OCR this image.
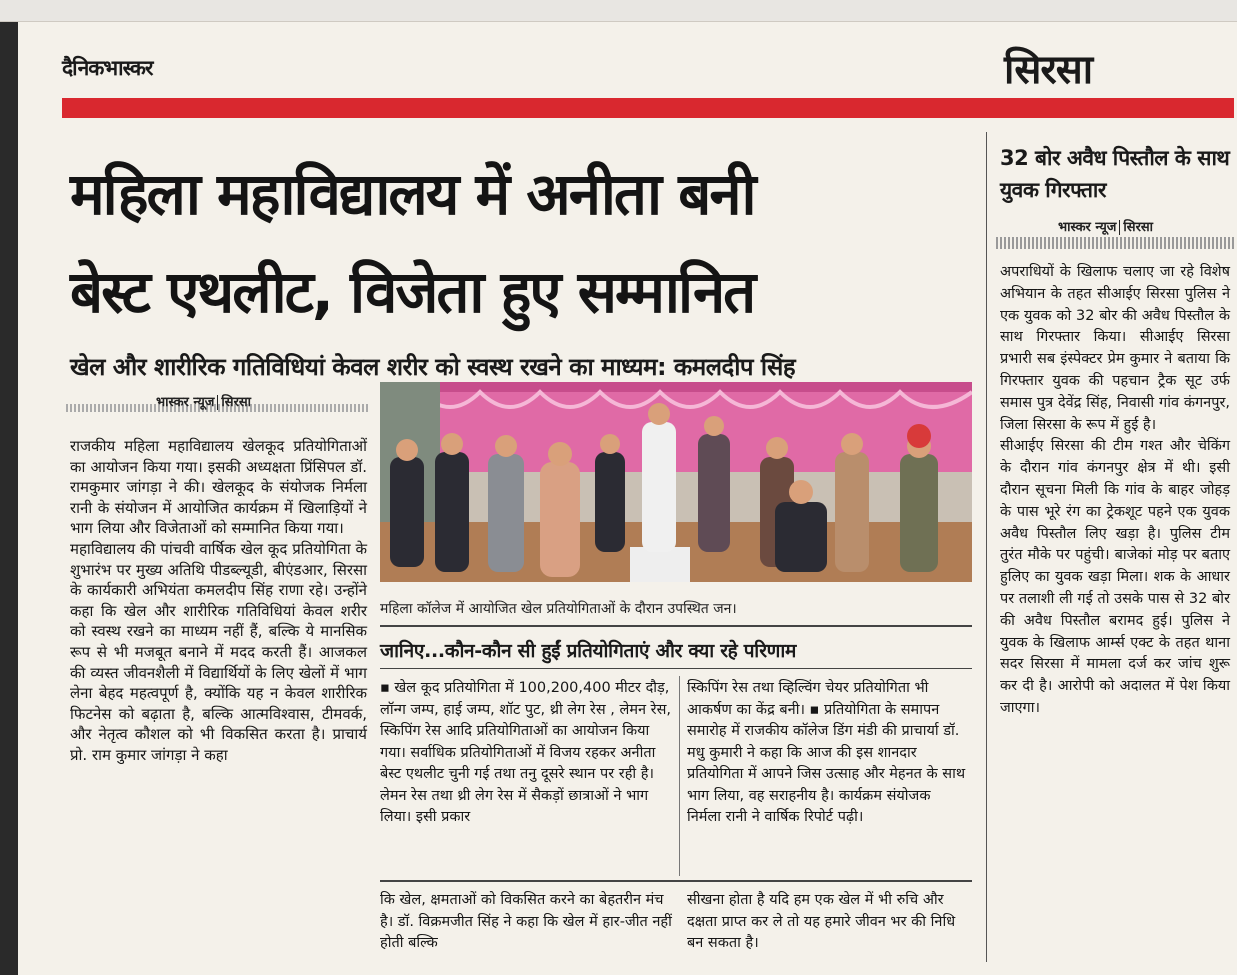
दैनिकभास्कर	सिरसा
महिला महाविद्यालय में अनीता बनी
बेस्ट एथलीट, विजेता हुए सम्मानित
खेल और शारीरिक गतिविधियां केवल शरीर को स्वस्थ रखने का माध्यम: कमलदीप सिंह
भास्कर न्यूज सिरसा

राजकीय महिला महाविद्यालय खेलकूद प्रतियोगिताओं का आयोजन किया गया। इसकी अध्यक्षता प्रिंसिपल डॉ. रामकुमार जांगड़ा ने की। खेलकूद के संयोजक निर्मला रानी के संयोजन में आयोजित कार्यक्रम में खिलाड़ियों ने भाग लिया और विजेताओं को सम्मानित किया गया।

महाविद्यालय की पांचवी वार्षिक खेल कूद प्रतियोगिता के शुभारंभ पर मुख्य अतिथि पीडब्ल्यूडी, बीएंडआर, सिरसा के कार्यकारी अभियंता कमलदीप सिंह राणा रहे। उन्होंने कहा कि खेल और शारीरिक गतिविधियां केवल शरीर को स्वस्थ रखने का माध्यम नहीं हैं, बल्कि ये मानसिक रूप से भी मजबूत बनाने में मदद करती हैं। आजकल की व्यस्त जीवनशैली में विद्यार्थियों के लिए खेलों में भाग लेना बेहद महत्वपूर्ण है, क्योंकि यह न केवल शारीरिक फिटनेस को बढ़ाता है, बल्कि आत्मविश्वास, टीमवर्क, और नेतृत्व कौशल को भी विकसित करता है। प्राचार्य प्रो. राम कुमार जांगड़ा ने कहा

महिला कॉलेज में आयोजित खेल प्रतियोगिताओं के दौरान उपस्थित जन।
जानिए...कौन-कौन सी हुईं प्रतियोगिताएं और क्या रहे परिणाम
▪ खेल कूद प्रतियोगिता में 100,200,400 मीटर दौड़, लॉन्ग जम्प, हाई जम्प, शॉट पुट, थ्री लेग रेस , लेमन रेस, स्किपिंग रेस आदि प्रतियोगिताओं का आयोजन किया गया। सर्वाधिक प्रतियोगिताओं में विजय रहकर अनीता बेस्ट एथलीट चुनी गई तथा तनु दूसरे स्थान पर रही है। लेमन रेस तथा थ्री लेग रेस में सैकड़ों छात्राओं ने भाग लिया। इसी प्रकार
स्किपिंग रेस तथा व्हिल्विंग चेयर प्रतियोगिता भी आकर्षण का केंद्र बनी। ▪ प्रतियोगिता के समापन समारोह में राजकीय कॉलेज डिंग मंडी की प्राचार्या डॉ. मधु कुमारी ने कहा कि आज की इस शानदार प्रतियोगिता में आपने जिस उत्साह और मेहनत के साथ भाग लिया, वह सराहनीय है। कार्यक्रम संयोजक निर्मला रानी ने वार्षिक रिपोर्ट पढ़ी।
कि खेल, क्षमताओं को विकसित करने का बेहतरीन मंच है। डॉ. विक्रमजीत सिंह ने कहा कि खेल में हार-जीत नहीं होती बल्कि
सीखना होता है यदि हम एक खेल में भी रुचि और दक्षता प्राप्त कर ले तो यह हमारे जीवन भर की निधि बन सकता है।
32 बोर अवैध पिस्तौल के साथ युवक गिरफ्तार
भास्कर न्यूज सिरसा

अपराधियों के खिलाफ चलाए जा रहे विशेष अभियान के तहत सीआईए सिरसा पुलिस ने एक युवक को 32 बोर की अवैध पिस्तौल के साथ गिरफ्तार किया। सीआईए सिरसा प्रभारी सब इंस्पेक्टर प्रेम कुमार ने बताया कि गिरफ्तार युवक की पहचान ट्रैक सूट उर्फ समास पुत्र देवेंद्र सिंह, निवासी गांव कंगनपुर, जिला सिरसा के रूप में हुई है।

सीआईए सिरसा की टीम गश्त और चेकिंग के दौरान गांव कंगनपुर क्षेत्र में थी। इसी दौरान सूचना मिली कि गांव के बाहर जोहड़ के पास भूरे रंग का ट्रेकशूट पहने एक युवक अवैध पिस्तौल लिए खड़ा है। पुलिस टीम तुरंत मौके पर पहुंची। बाजेकां मोड़ पर बताए हुलिए का युवक खड़ा मिला। शक के आधार पर तलाशी ली गई तो उसके पास से 32 बोर की अवैध पिस्तौल बरामद हुई। पुलिस ने युवक के खिलाफ आर्म्स एक्ट के तहत थाना सदर सिरसा में मामला दर्ज कर जांच शुरू कर दी है। आरोपी को अदालत में पेश किया जाएगा।
